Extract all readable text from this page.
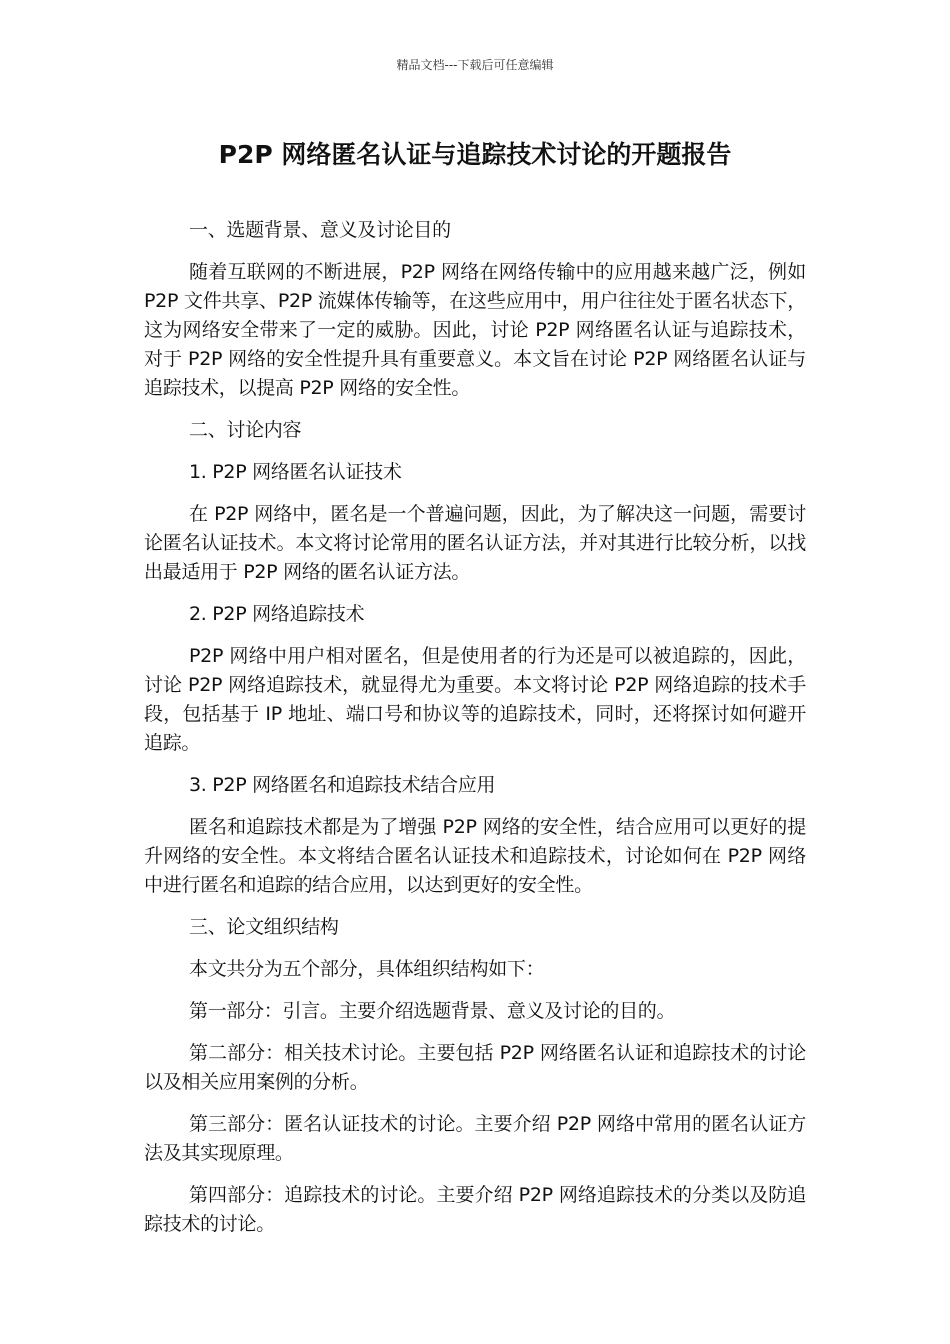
精品文档---下载后可任意编辑
P2P 网络匿名认证与追踪技术讨论的开题报告

一、选题背景、意义及讨论目的

随着互联网的不断进展，P2P 网络在网络传输中的应用越来越广泛，例如 P2P 文件共享、P2P 流媒体传输等，在这些应用中，用户往往处于匿名状态下，这为网络安全带来了一定的威胁。因此，讨论 P2P 网络匿名认证与追踪技术，对于 P2P 网络的安全性提升具有重要意义。本文旨在讨论 P2P 网络匿名认证与追踪技术，以提高 P2P 网络的安全性。

二、讨论内容

1. P2P 网络匿名认证技术

在 P2P 网络中，匿名是一个普遍问题，因此，为了解决这一问题，需要讨论匿名认证技术。本文将讨论常用的匿名认证方法，并对其进行比较分析，以找出最适用于 P2P 网络的匿名认证方法。

2. P2P 网络追踪技术

P2P 网络中用户相对匿名，但是使用者的行为还是可以被追踪的，因此，讨论 P2P 网络追踪技术，就显得尤为重要。本文将讨论 P2P 网络追踪的技术手段，包括基于 IP 地址、端口号和协议等的追踪技术，同时，还将探讨如何避开追踪。

3. P2P 网络匿名和追踪技术结合应用

匿名和追踪技术都是为了增强 P2P 网络的安全性，结合应用可以更好的提升网络的安全性。本文将结合匿名认证技术和追踪技术，讨论如何在 P2P 网络中进行匿名和追踪的结合应用，以达到更好的安全性。

三、论文组织结构

本文共分为五个部分，具体组织结构如下：

第一部分：引言。主要介绍选题背景、意义及讨论的目的。

第二部分：相关技术讨论。主要包括 P2P 网络匿名认证和追踪技术的讨论以及相关应用案例的分析。

第三部分：匿名认证技术的讨论。主要介绍 P2P 网络中常用的匿名认证方法及其实现原理。

第四部分：追踪技术的讨论。主要介绍 P2P 网络追踪技术的分类以及防追踪技术的讨论。
